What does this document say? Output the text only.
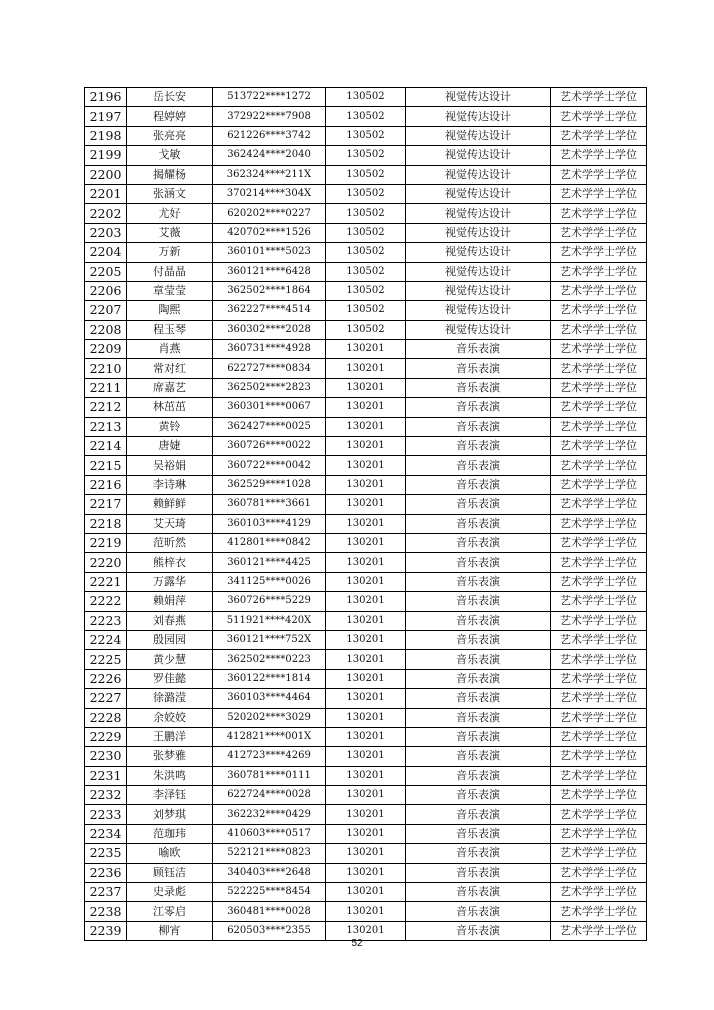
2196	岳长安	513722****1272	130502	视觉传达设计	艺术学学士学位
2197	程婷婷	372922****7908	130502	视觉传达设计	艺术学学士学位
2198	张亮亮	621226****3742	130502	视觉传达设计	艺术学学士学位
2199	戈敏	362424****2040	130502	视觉传达设计	艺术学学士学位
2200	揭耀杨	362324****211X	130502	视觉传达设计	艺术学学士学位
2201	张涵文	370214****304X	130502	视觉传达设计	艺术学学士学位
2202	尤好	620202****0227	130502	视觉传达设计	艺术学学士学位
2203	艾薇	420702****1526	130502	视觉传达设计	艺术学学士学位
2204	万新	360101****5023	130502	视觉传达设计	艺术学学士学位
2205	付晶晶	360121****6428	130502	视觉传达设计	艺术学学士学位
2206	章莹莹	362502****1864	130502	视觉传达设计	艺术学学士学位
2207	陶熙	362227****4514	130502	视觉传达设计	艺术学学士学位
2208	程玉琴	360302****2028	130502	视觉传达设计	艺术学学士学位
2209	肖燕	360731****4928	130201	音乐表演	艺术学学士学位
2210	常对红	622727****0834	130201	音乐表演	艺术学学士学位
2211	席嘉艺	362502****2823	130201	音乐表演	艺术学学士学位
2212	林茁茁	360301****0067	130201	音乐表演	艺术学学士学位
2213	黄铃	362427****0025	130201	音乐表演	艺术学学士学位
2214	唐婕	360726****0022	130201	音乐表演	艺术学学士学位
2215	吴裕娟	360722****0042	130201	音乐表演	艺术学学士学位
2216	李诗琳	362529****1028	130201	音乐表演	艺术学学士学位
2217	赖鲜鲜	360781****3661	130201	音乐表演	艺术学学士学位
2218	艾天琦	360103****4129	130201	音乐表演	艺术学学士学位
2219	范昕然	412801****0842	130201	音乐表演	艺术学学士学位
2220	熊梓衣	360121****4425	130201	音乐表演	艺术学学士学位
2221	万露华	341125****0026	130201	音乐表演	艺术学学士学位
2222	赖娟萍	360726****5229	130201	音乐表演	艺术学学士学位
2223	刘春燕	511921****420X	130201	音乐表演	艺术学学士学位
2224	殷园园	360121****752X	130201	音乐表演	艺术学学士学位
2225	黄少慧	362502****0223	130201	音乐表演	艺术学学士学位
2226	罗佳懿	360122****1814	130201	音乐表演	艺术学学士学位
2227	徐潞滢	360103****4464	130201	音乐表演	艺术学学士学位
2228	余姣姣	520202****3029	130201	音乐表演	艺术学学士学位
2229	王鹏洋	412821****001X	130201	音乐表演	艺术学学士学位
2230	张梦雅	412723****4269	130201	音乐表演	艺术学学士学位
2231	朱洪鸣	360781****0111	130201	音乐表演	艺术学学士学位
2232	李泽钰	622724****0028	130201	音乐表演	艺术学学士学位
2233	刘梦琪	362232****0429	130201	音乐表演	艺术学学士学位
2234	范珈玮	410603****0517	130201	音乐表演	艺术学学士学位
2235	喻欧	522121****0823	130201	音乐表演	艺术学学士学位
2236	顾钰洁	340403****2648	130201	音乐表演	艺术学学士学位
2237	史录彪	522225****8454	130201	音乐表演	艺术学学士学位
2238	江零启	360481****0028	130201	音乐表演	艺术学学士学位
2239	柳宵	620503****2355	130201	音乐表演	艺术学学士学位
52
